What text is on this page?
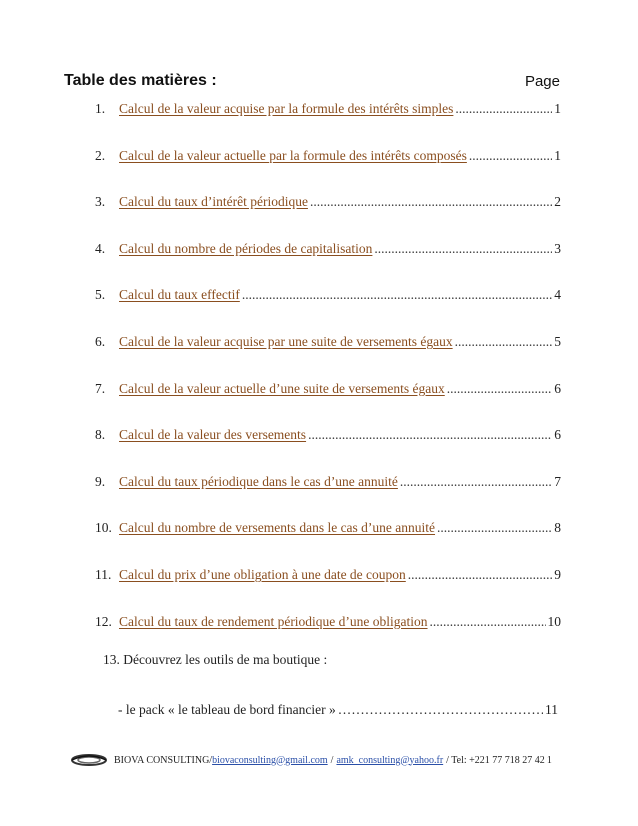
Table des matières :	Page
1.	Calcul de la valeur acquise par la formule des intérêts simples .....	1
2.	Calcul de la valeur actuelle par la formule des intérêts composés .....	1
3.	Calcul du taux d’intérêt périodique .....	2
4.	Calcul du nombre de périodes de capitalisation .....	3
5.	Calcul du taux effectif .....	4
6.	Calcul de la valeur acquise par une suite de versements égaux .....	5
7.	Calcul de la valeur actuelle d’une suite de versements égaux .....	6
8.	Calcul de la valeur des versements .....	6
9.	Calcul du taux périodique dans le cas d’une annuité .....	7
10. Calcul du nombre de versements dans le cas d’une annuité .....	8
11. Calcul du prix d’une obligation à une date de coupon .....	9
12. Calcul du taux de rendement périodique d’une obligation .....	10
13. Découvrez les outils de ma boutique :
- le pack « le tableau de bord financier » ………………………………………………………………………………	11
BIOVA CONSULTING/ biovaconsulting@gmail.com / amk_consulting@yahoo.fr / Tel: +221 77 718 27 42 1
